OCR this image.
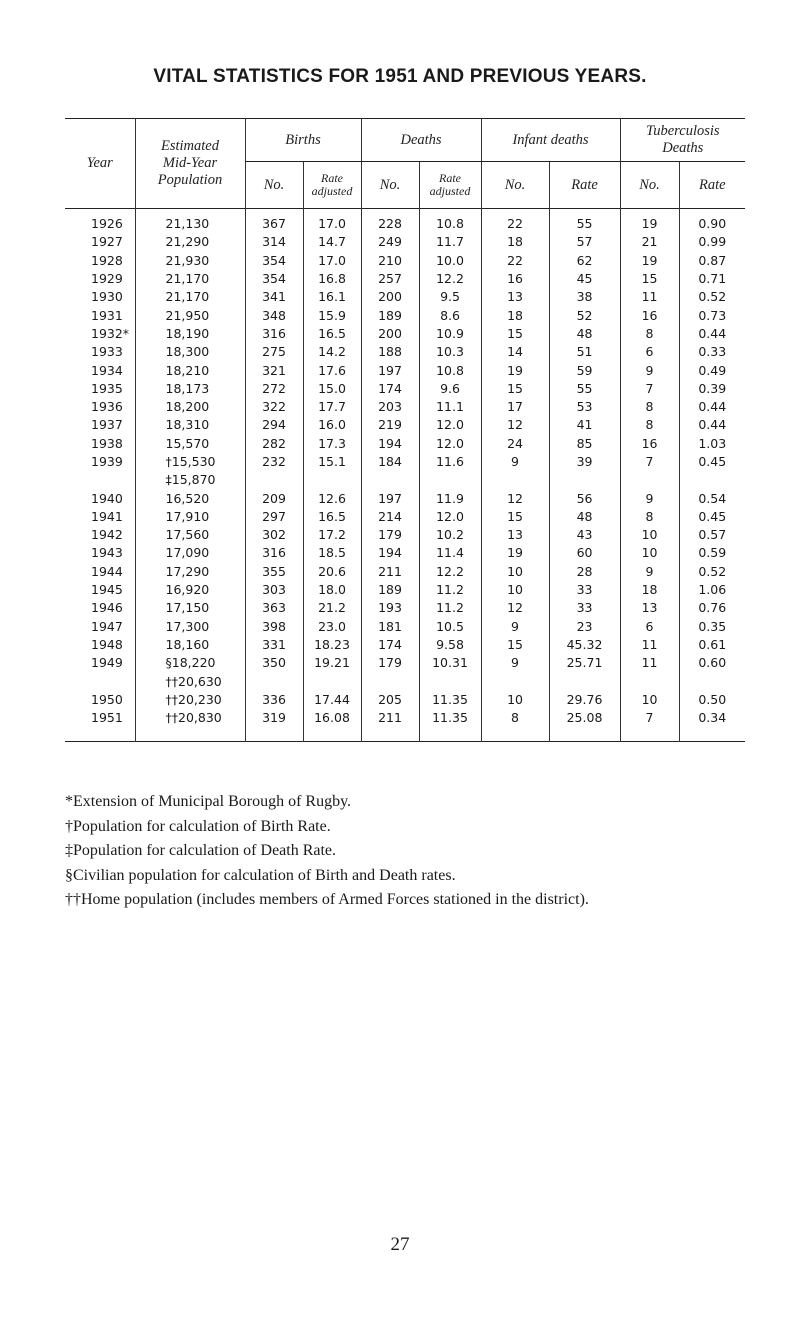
VITAL STATISTICS FOR 1951 AND PREVIOUS YEARS.
Year	Estimated Mid-Year Population	Births		Deaths		Infant deaths		Tuberculosis Deaths	
		No.	Rate adjusted	No.	Rate adjusted	No.	Rate	No.	Rate
1926	21,130	367	17.0	228	10.8	22	55	19	0.90
1927	21,290	314	14.7	249	11.7	18	57	21	0.99
1928	21,930	354	17.0	210	10.0	22	62	19	0.87
1929	21,170	354	16.8	257	12.2	16	45	15	0.71
1930	21,170	341	16.1	200	9.5	13	38	11	0.52
1931	21,950	348	15.9	189	8.6	18	52	16	0.73
1932*	18,190	316	16.5	200	10.9	15	48	8	0.44
1933	18,300	275	14.2	188	10.3	14	51	6	0.33
1934	18,210	321	17.6	197	10.8	19	59	9	0.49
1935	18,173	272	15.0	174	9.6	15	55	7	0.39
1936	18,200	322	17.7	203	11.1	17	53	8	0.44
1937	18,310	294	16.0	219	12.0	12	41	8	0.44
1938	15,570	282	17.3	194	12.0	24	85	16	1.03
1939	†15,530	232	15.1	184	11.6	9	39	7	0.45
	‡15,870								
1940	16,520	209	12.6	197	11.9	12	56	9	0.54
1941	17,910	297	16.5	214	12.0	15	48	8	0.45
1942	17,560	302	17.2	179	10.2	13	43	10	0.57
1943	17,090	316	18.5	194	11.4	19	60	10	0.59
1944	17,290	355	20.6	211	12.2	10	28	9	0.52
1945	16,920	303	18.0	189	11.2	10	33	18	1.06
1946	17,150	363	21.2	193	11.2	12	33	13	0.76
1947	17,300	398	23.0	181	10.5	9	23	6	0.35
1948	18,160	331	18.23	174	9.58	15	45.32	11	0.61
1949	§18,220	350	19.21	179	10.31	9	25.71	11	0.60
	††20,630								
1950	††20,230	336	17.44	205	11.35	10	29.76	10	0.50
1951	††20,830	319	16.08	211	11.35	8	25.08	7	0.34

*Extension of Municipal Borough of Rugby.

†Population for calculation of Birth Rate.

‡Population for calculation of Death Rate.

§Civilian population for calculation of Birth and Death rates.

††Home population (includes members of Armed Forces stationed in the district).

27
